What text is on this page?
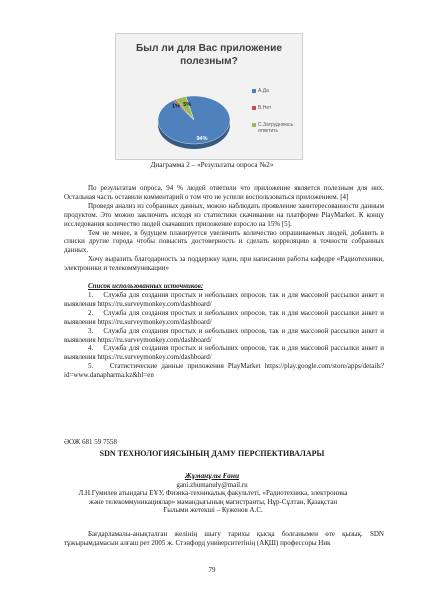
Был ли для Вас приложение полезным?
94%
1% 5%
А.Да
В.Нет
С.Затрудняюсь ответить
Диаграмма 2 – «Результаты опроса №2»

По результатам опроса, 94 % людей ответили что приложение является полезным для них. Остальная часть оставили комментарий о том что не успели воспользоваться приложением. [4]

Проведя анализ из собранных данных, можно наблюдать проявление заинтересованности данным продуктом. Это можно заключить исходя из статистики скачивании на платформе PlayMarket. К концу исследования количество людей скачавших приложение взросло на 15% [5].

Тем не менее, в будущем планируется увеличить количество опрашиваемых людей, добавить в списки другие города чтобы повысить достоверность и сделать корреляцию в точности собранных данных.

Хочу выразить благодарность за поддержку идеи, при написании работы кафедре «Радиотехники, электроники и телекоммуникации»

Список использованных источников:

1. Служба для создания простых и небольших опросов, так и для массовой рассылки анкет и выявления https://ru.surveymonkey.com/dashboard/

2. Служба для создания простых и небольших опросов, так и для массовой рассылки анкет и выявления https://ru.surveymonkey.com/dashboard/

3. Служба для создания простых и небольших опросов, так и для массовой рассылки анкет и выявления https://ru.surveymonkey.com/dashboard/

4. Служба для создания простых и небольших опросов, так и для массовой рассылки анкет и выявления https://ru.surveymonkey.com/dashboard/

5. Статистические данные приложения PlayMarket https://play.google.com/store/apps/details?id=www.danapharma.kz&hl=en

ӘОЖ 681 59 7558
SDN ТЕХНОЛОГИЯСЫНЫҢ ДАМУ ПЕРСПЕКТИВАЛАРЫ
Жұманұлы Ғани
gani.zhumanuly@mail.ru
Л.Н.Гумилев атындағы ЕҰУ, Физика-техникалық факультеті, «Радиотехника, электроника
және телекоммуникациялар» мамандығының магистранты, Нұр-Сұлтан, Қазақстан
Ғылыми жетекші – Куженов А.С.
Бағдарламалы-анықталған желінің шығу тарихы қысқа болғанымен өте қызық. SDN тұжырымдамасын алғаш рет 2005 ж. Стэнфорд университетінің (АҚШ) профессоры Ник
79
